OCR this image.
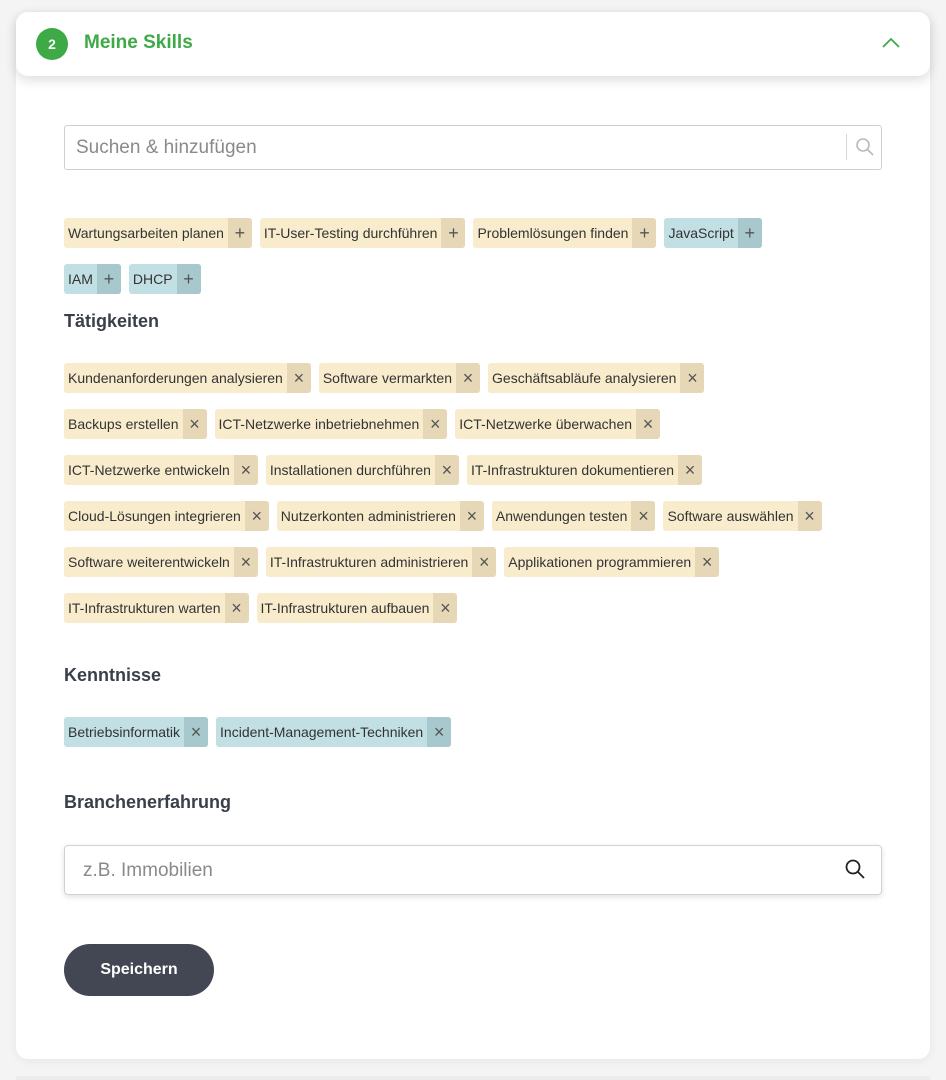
2	Meine Skills
Suchen & hinzufügen
Wartungsarbeiten planen +	IT-User-Testing durchführen +	Problemlösungen finden +	JavaScript +
IAM +	DHCP +
Tätigkeiten
Kundenanforderungen analysieren ×	Software vermarkten ×	Geschäftsabläufe analysieren ×
Backups erstellen ×	ICT-Netzwerke inbetriebnehmen ×	ICT-Netzwerke überwachen ×
ICT-Netzwerke entwickeln ×	Installationen durchführen ×	IT-Infrastrukturen dokumentieren ×
Cloud-Lösungen integrieren ×	Nutzerkonten administrieren ×	Anwendungen testen ×	Software auswählen ×
Software weiterentwickeln ×	IT-Infrastrukturen administrieren ×	Applikationen programmieren ×
IT-Infrastrukturen warten ×	IT-Infrastrukturen aufbauen ×
Kenntnisse
Betriebsinformatik ×	Incident-Management-Techniken ×
Branchenerfahrung
z.B. Immobilien
Speichern
